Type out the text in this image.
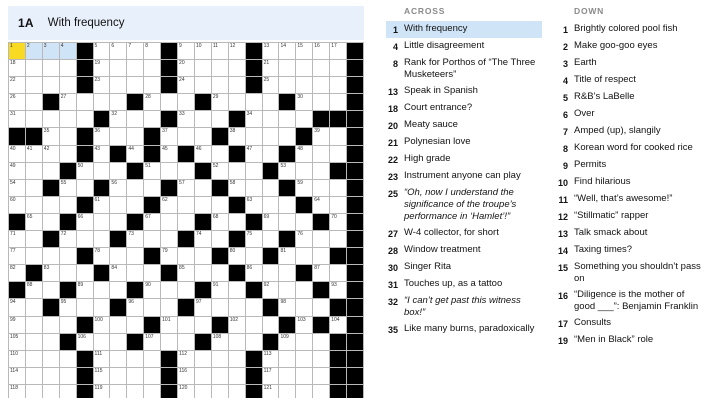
1A With frequency
1	2	3	4	5	6	7	8	9	10 11 12	13 14 15 16 17
18	19	20	21
22	23	24	25
26	27	28	29	30
31	32	33	34
35	36	37	38	39
40 41 42	43	44	45	46	47	48
49	50	51	52	53
54	55	56	57	58	59
60	61	62	63	64
65	66	67	68	69	70
71	72	73	74	75	76
77	78	79	80	81
82	83	84	85	86	87
88	89	90	91	92	93
94	95	96	97	98
99	100	101	102	103	104
105	106	107	108	109
110	111	112	113
114	115	116	117
118	119	120	121
ACROSS
1 With frequency
4 Little disagreement
8 Rank for Porthos of “The Three Musketeers”
13 Speak in Spanish
18 Court entrance?
20 Meaty sauce
21 Polynesian love
22 High grade
23 Instrument anyone can play
25 “Oh, now I understand the significance of the troupe’s performance in ‘Hamlet’!”
27 W-4 collector, for short
28 Window treatment
30 Singer Rita
31 Touches up, as a tattoo
32 “I can’t get past this witness box!”
35 Like many burns, paradoxically
DOWN
1 Brightly colored pool fish
2 Make goo-goo eyes
3 Earth
4 Title of respect
5 R&B’s LaBelle
6 Over
7 Amped (up), slangily
8 Korean word for cooked rice
9 Permits
10 Find hilarious
11 “Well, that’s awesome!”
12 “Stillmatic” rapper
13 Talk smack about
14 Taxing times?
15 Something you shouldn’t pass on
16 “Diligence is the mother of good ___”: Benjamin Franklin
17 Consults
19 “Men in Black” role
